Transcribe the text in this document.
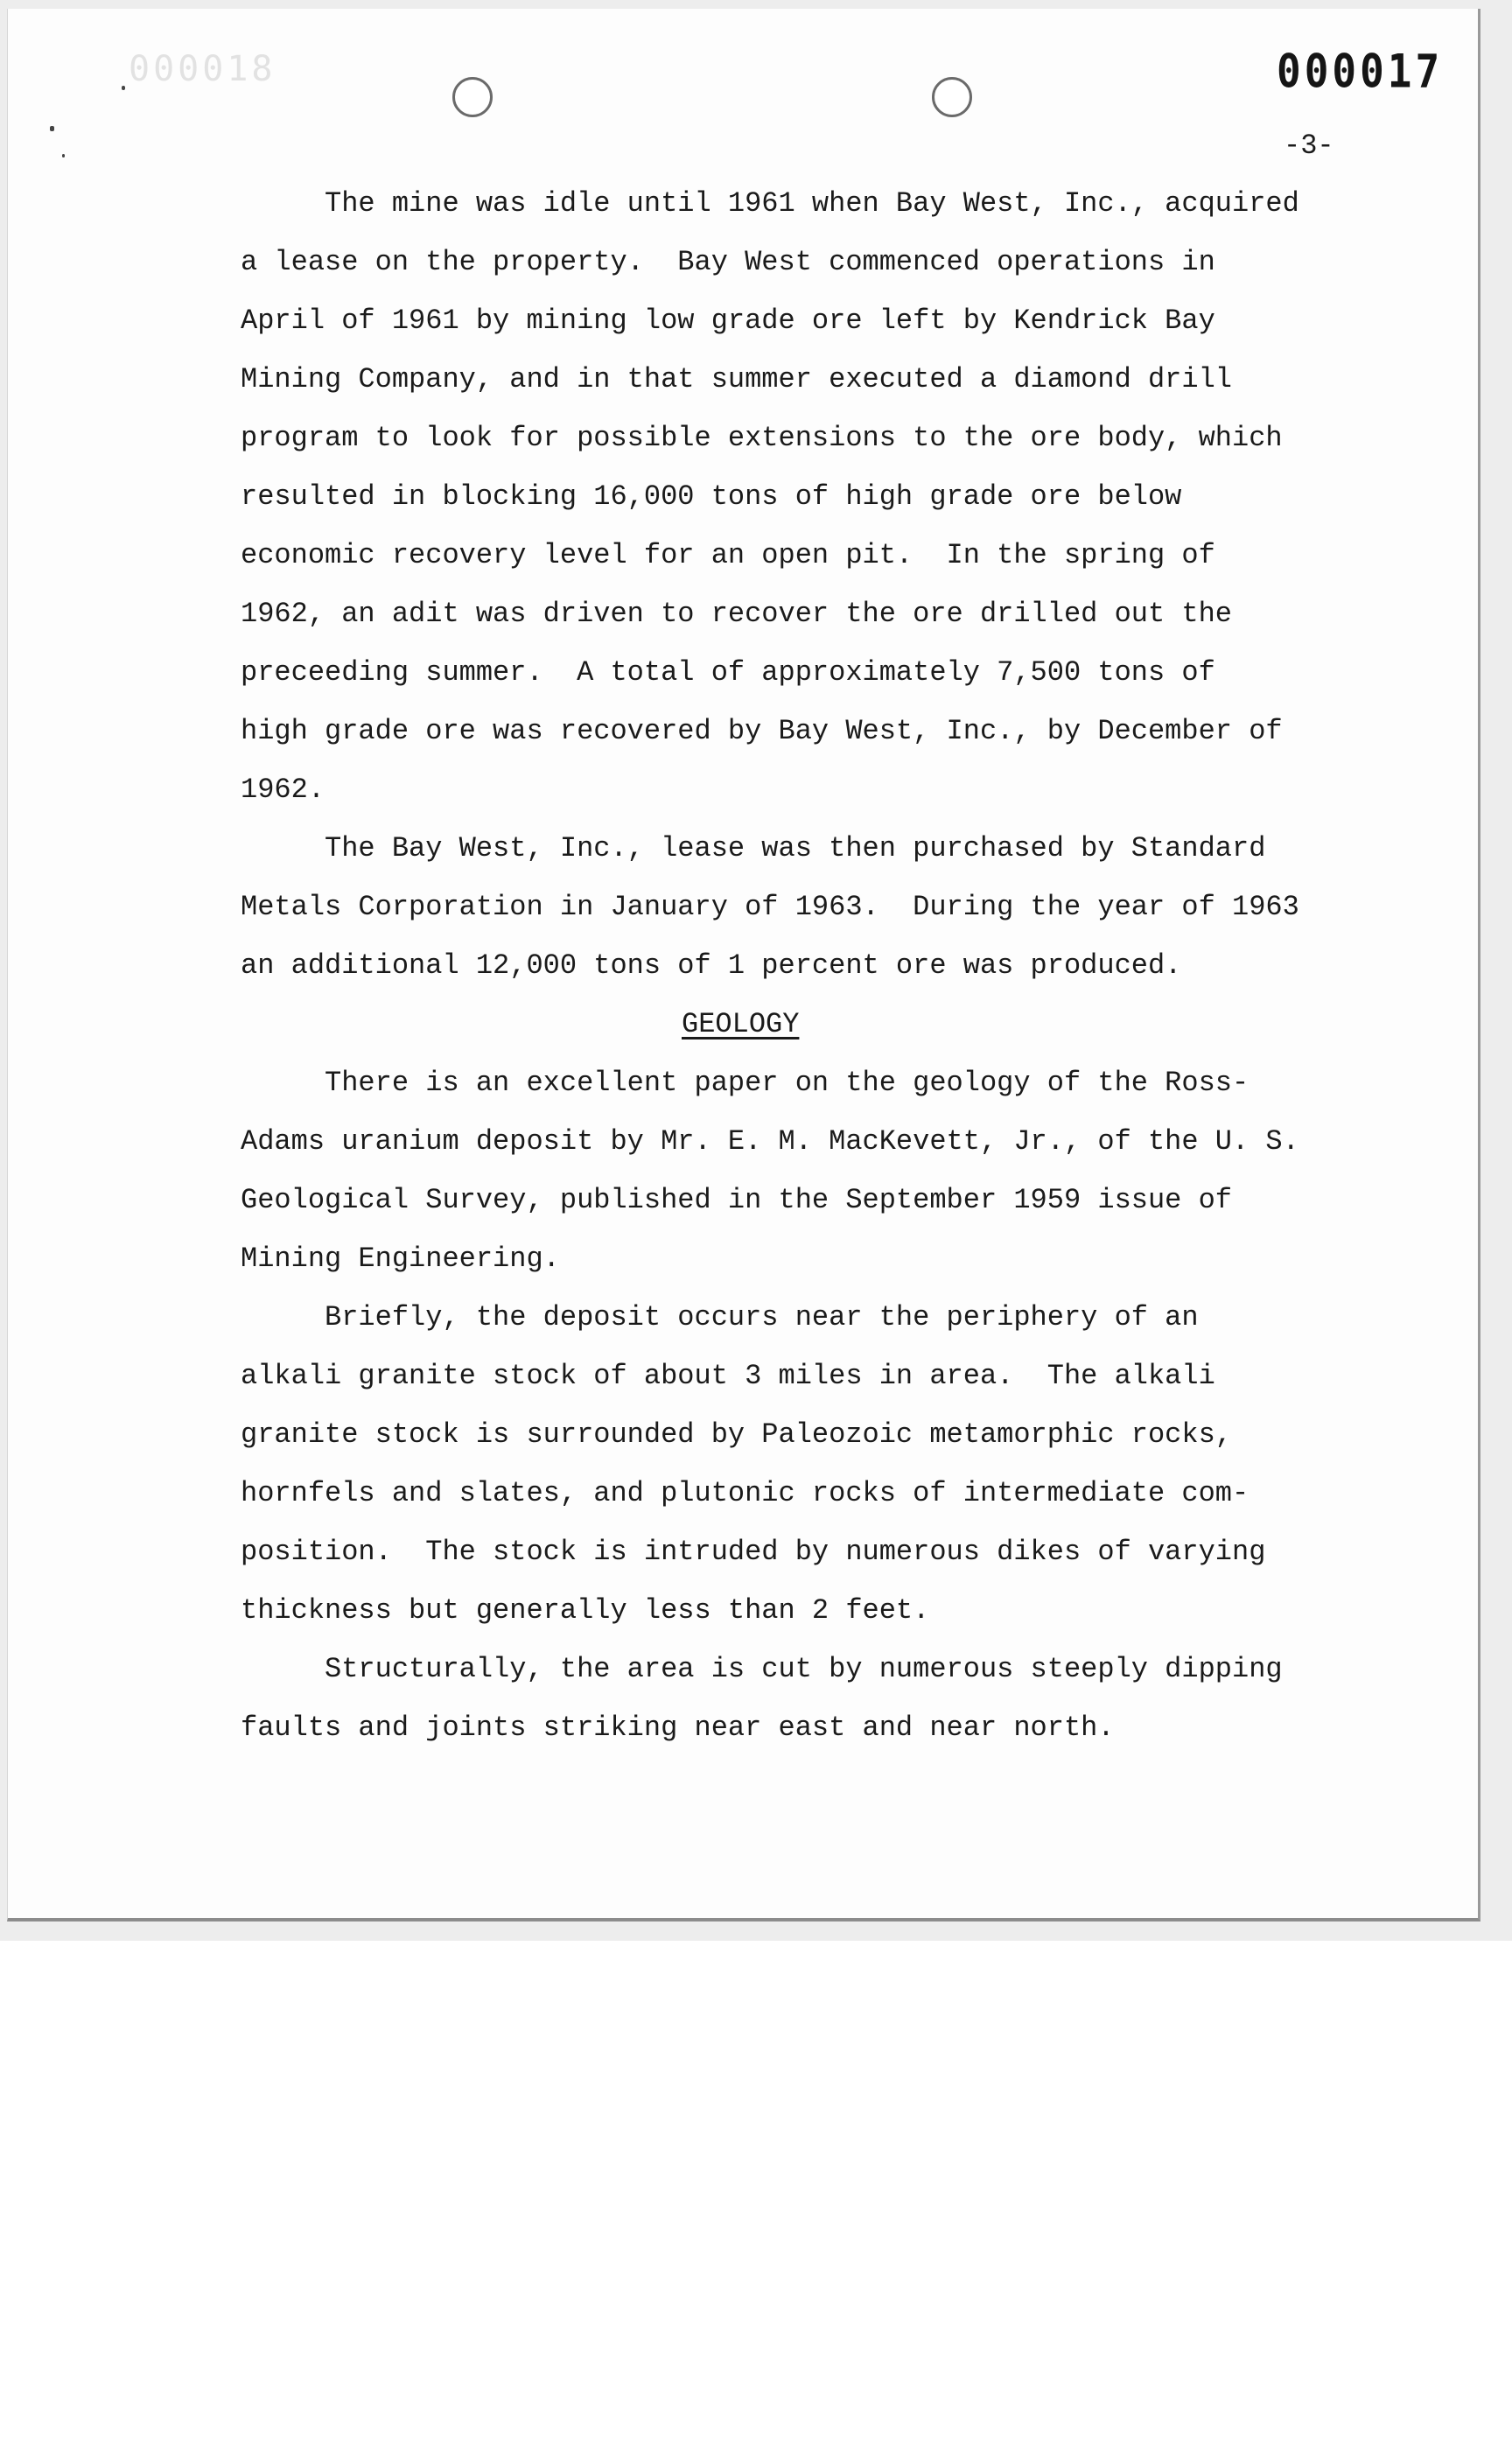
000018	000017
-3-

The mine was idle until 1961 when Bay West, Inc., acquired

a lease on the property.  Bay West commenced operations in

April of 1961 by mining low grade ore left by Kendrick Bay

Mining Company, and in that summer executed a diamond drill

program to look for possible extensions to the ore body, which

resulted in blocking 16,000 tons of high grade ore below

economic recovery level for an open pit.  In the spring of

1962, an adit was driven to recover the ore drilled out the

preceeding summer.  A total of approximately 7,500 tons of

high grade ore was recovered by Bay West, Inc., by December of

1962.

The Bay West, Inc., lease was then purchased by Standard

Metals Corporation in January of 1963.  During the year of 1963

an additional 12,000 tons of 1 percent ore was produced.

GEOLOGY

There is an excellent paper on the geology of the Ross-

Adams uranium deposit by Mr. E. M. MacKevett, Jr., of the U. S.

Geological Survey, published in the September 1959 issue of

Mining Engineering.

Briefly, the deposit occurs near the periphery of an

alkali granite stock of about 3 miles in area.  The alkali

granite stock is surrounded by Paleozoic metamorphic rocks,

hornfels and slates, and plutonic rocks of intermediate com-

position.  The stock is intruded by numerous dikes of varying

thickness but generally less than 2 feet.

Structurally, the area is cut by numerous steeply dipping

faults and joints striking near east and near north.
